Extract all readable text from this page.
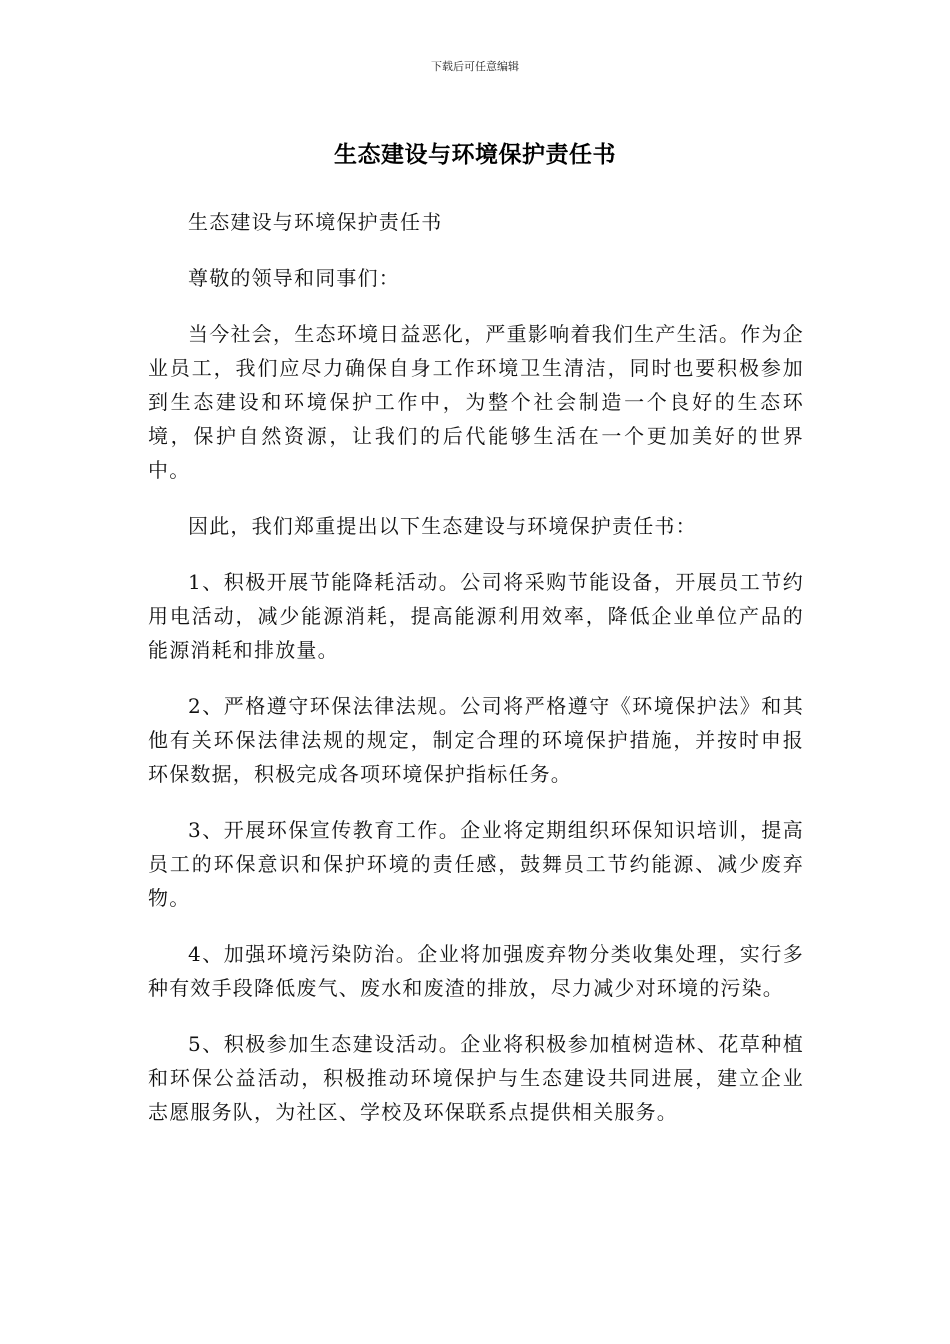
下载后可任意编辑
生态建设与环境保护责任书

生态建设与环境保护责任书

尊敬的领导和同事们：

当今社会，生态环境日益恶化，严重影响着我们生产生活。作为企业员工，我们应尽力确保自身工作环境卫生清洁，同时也要积极参加到生态建设和环境保护工作中，为整个社会制造一个良好的生态环境，保护自然资源，让我们的后代能够生活在一个更加美好的世界中。

因此，我们郑重提出以下生态建设与环境保护责任书：

1、积极开展节能降耗活动。公司将采购节能设备，开展员工节约用电活动，减少能源消耗，提高能源利用效率，降低企业单位产品的能源消耗和排放量。

2、严格遵守环保法律法规。公司将严格遵守《环境保护法》和其他有关环保法律法规的规定，制定合理的环境保护措施，并按时申报环保数据，积极完成各项环境保护指标任务。

3、开展环保宣传教育工作。企业将定期组织环保知识培训，提高员工的环保意识和保护环境的责任感，鼓舞员工节约能源、减少废弃物。

4、加强环境污染防治。企业将加强废弃物分类收集处理，实行多种有效手段降低废气、废水和废渣的排放，尽力减少对环境的污染。

5、积极参加生态建设活动。企业将积极参加植树造林、花草种植和环保公益活动，积极推动环境保护与生态建设共同进展，建立企业志愿服务队，为社区、学校及环保联系点提供相关服务。
